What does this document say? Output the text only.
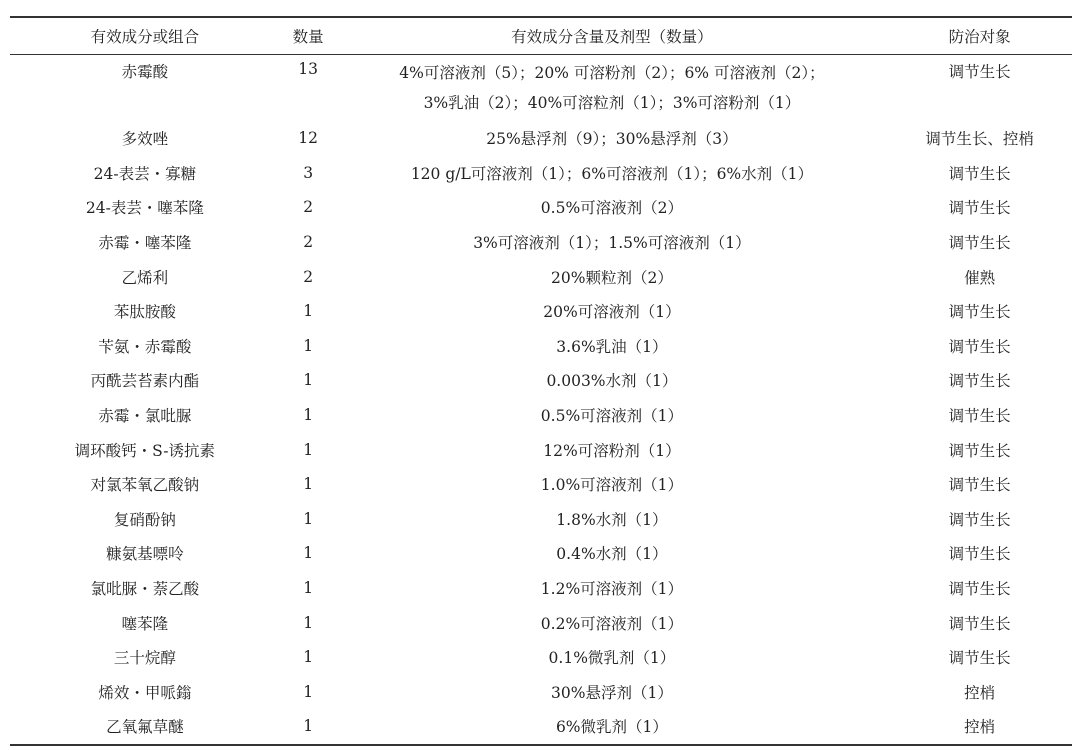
有效成分或组合	数量	有效成分含量及剂型（数量）	防治对象
赤霉酸	13	4%可溶液剂（5）；20% 可溶粉剂（2）；6% 可溶液剂（2）；
3%乳油（2）；40%可溶粒剂（1）；3%可溶粉剂（1）	调节生长
多效唑	12	25%悬浮剂（9）；30%悬浮剂（3）	调节生长、控梢
24-表芸・寡糖	3	120 g/L可溶液剂（1）；6%可溶液剂（1）；6%水剂（1）	调节生长
24-表芸・噻苯隆	2	0.5%可溶液剂（2）	调节生长
赤霉・噻苯隆	2	3%可溶液剂（1）；1.5%可溶液剂（1）	调节生长
乙烯利	2	20%颗粒剂（2）	催熟
苯肽胺酸	1	20%可溶液剂（1）	调节生长
苄氨・赤霉酸	1	3.6%乳油（1）	调节生长
丙酰芸苔素内酯	1	0.003%水剂（1）	调节生长
赤霉・氯吡脲	1	0.5%可溶液剂（1）	调节生长
调环酸钙・S-诱抗素	1	12%可溶粉剂（1）	调节生长
对氯苯氧乙酸钠	1	1.0%可溶液剂（1）	调节生长
复硝酚钠	1	1.8%水剂（1）	调节生长
糠氨基嘌呤	1	0.4%水剂（1）	调节生长
氯吡脲・萘乙酸	1	1.2%可溶液剂（1）	调节生长
噻苯隆	1	0.2%可溶液剂（1）	调节生长
三十烷醇	1	0.1%微乳剂（1）	调节生长
烯效・甲哌鎓	1	30%悬浮剂（1）	控梢
乙氧氟草醚	1	6%微乳剂（1）	控梢
